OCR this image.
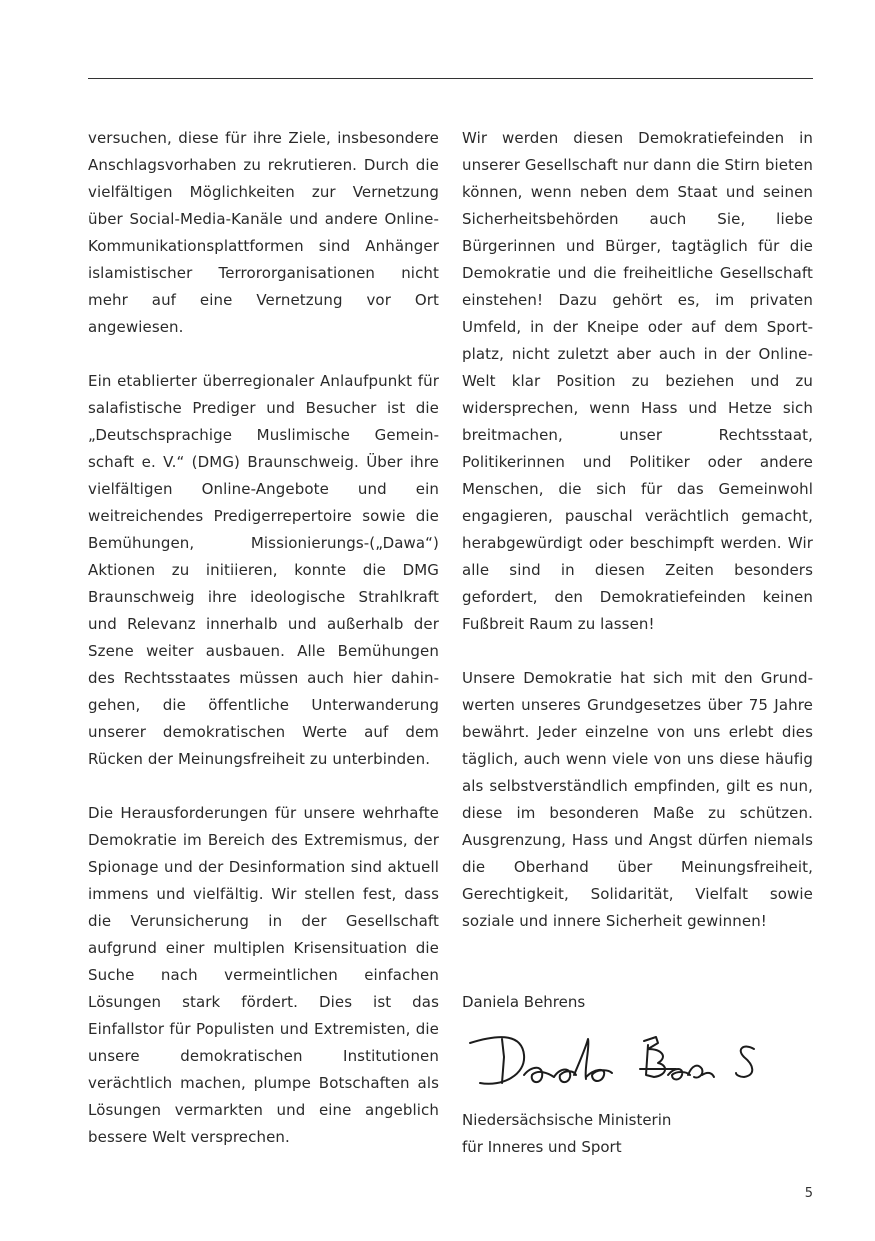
versuchen, diese für ihre Ziele, insbesondere Anschlagsvorhaben zu rekrutieren. Durch die vielfältigen Möglichkeiten zur Vernetzung über Social-Media-Kanäle und andere Online-Kommunikationsplattformen sind Anhänger islamistischer Terrororganisationen nicht mehr auf eine Vernetzung vor Ort angewiesen.

Ein etablierter überregionaler Anlaufpunkt für salafistische Prediger und Besucher ist die „Deutschsprachige Muslimische Gemeinschaft e. V.“ (DMG) Braunschweig. Über ihre vielfältigen Online-Angebote und ein weitreichendes Predigerrepertoire sowie die Bemühungen, Missionierungs-(„Dawa“) Aktionen zu initiieren, konnte die DMG Braunschweig ihre ideologische Strahlkraft und Relevanz innerhalb und außerhalb der Szene weiter ausbauen. Alle Bemühungen des Rechtsstaates müssen auch hier dahingehen, die öffentliche Unterwanderung unserer demokratischen Werte auf dem Rücken der Meinungsfreiheit zu unterbinden.

Die Herausforderungen für unsere wehrhafte Demokratie im Bereich des Extremismus, der Spionage und der Desinformation sind aktuell immens und vielfältig. Wir stellen fest, dass die Verunsicherung in der Gesellschaft aufgrund einer multiplen Krisensituation die Suche nach vermeintlichen einfachen Lösungen stark fördert. Dies ist das Einfallstor für Populisten und Extremisten, die unsere demokratischen Institutionen verächtlich machen, plumpe Botschaften als Lösungen vermarkten und eine angeblich bessere Welt versprechen.

Wir werden diesen Demokratiefeinden in unserer Gesellschaft nur dann die Stirn bieten können, wenn neben dem Staat und seinen Sicherheitsbehörden auch Sie, liebe Bürgerinnen und Bürger, tagtäglich für die Demokratie und die freiheitliche Gesellschaft einstehen! Dazu gehört es, im privaten Umfeld, in der Kneipe oder auf dem Sportplatz, nicht zuletzt aber auch in der Online-Welt klar Position zu beziehen und zu widersprechen, wenn Hass und Hetze sich breitmachen, unser Rechtsstaat, Politikerinnen und Politiker oder andere Menschen, die sich für das Gemeinwohl engagieren, pauschal verächtlich gemacht, herabgewürdigt oder beschimpft werden. Wir alle sind in diesen Zeiten besonders gefordert, den Demokratiefeinden keinen Fußbreit Raum zu lassen!

Unsere Demokratie hat sich mit den Grundwerten unseres Grundgesetzes über 75 Jahre bewährt. Jeder einzelne von uns erlebt dies täglich, auch wenn viele von uns diese häufig als selbstverständlich empfinden, gilt es nun, diese im besonderen Maße zu schützen. Ausgrenzung, Hass und Angst dürfen niemals die Oberhand über Meinungsfreiheit, Gerechtigkeit, Solidarität, Vielfalt sowie soziale und innere Sicherheit gewinnen!

Daniela Behrens
Niedersächsische Ministerin
für Inneres und Sport
5
